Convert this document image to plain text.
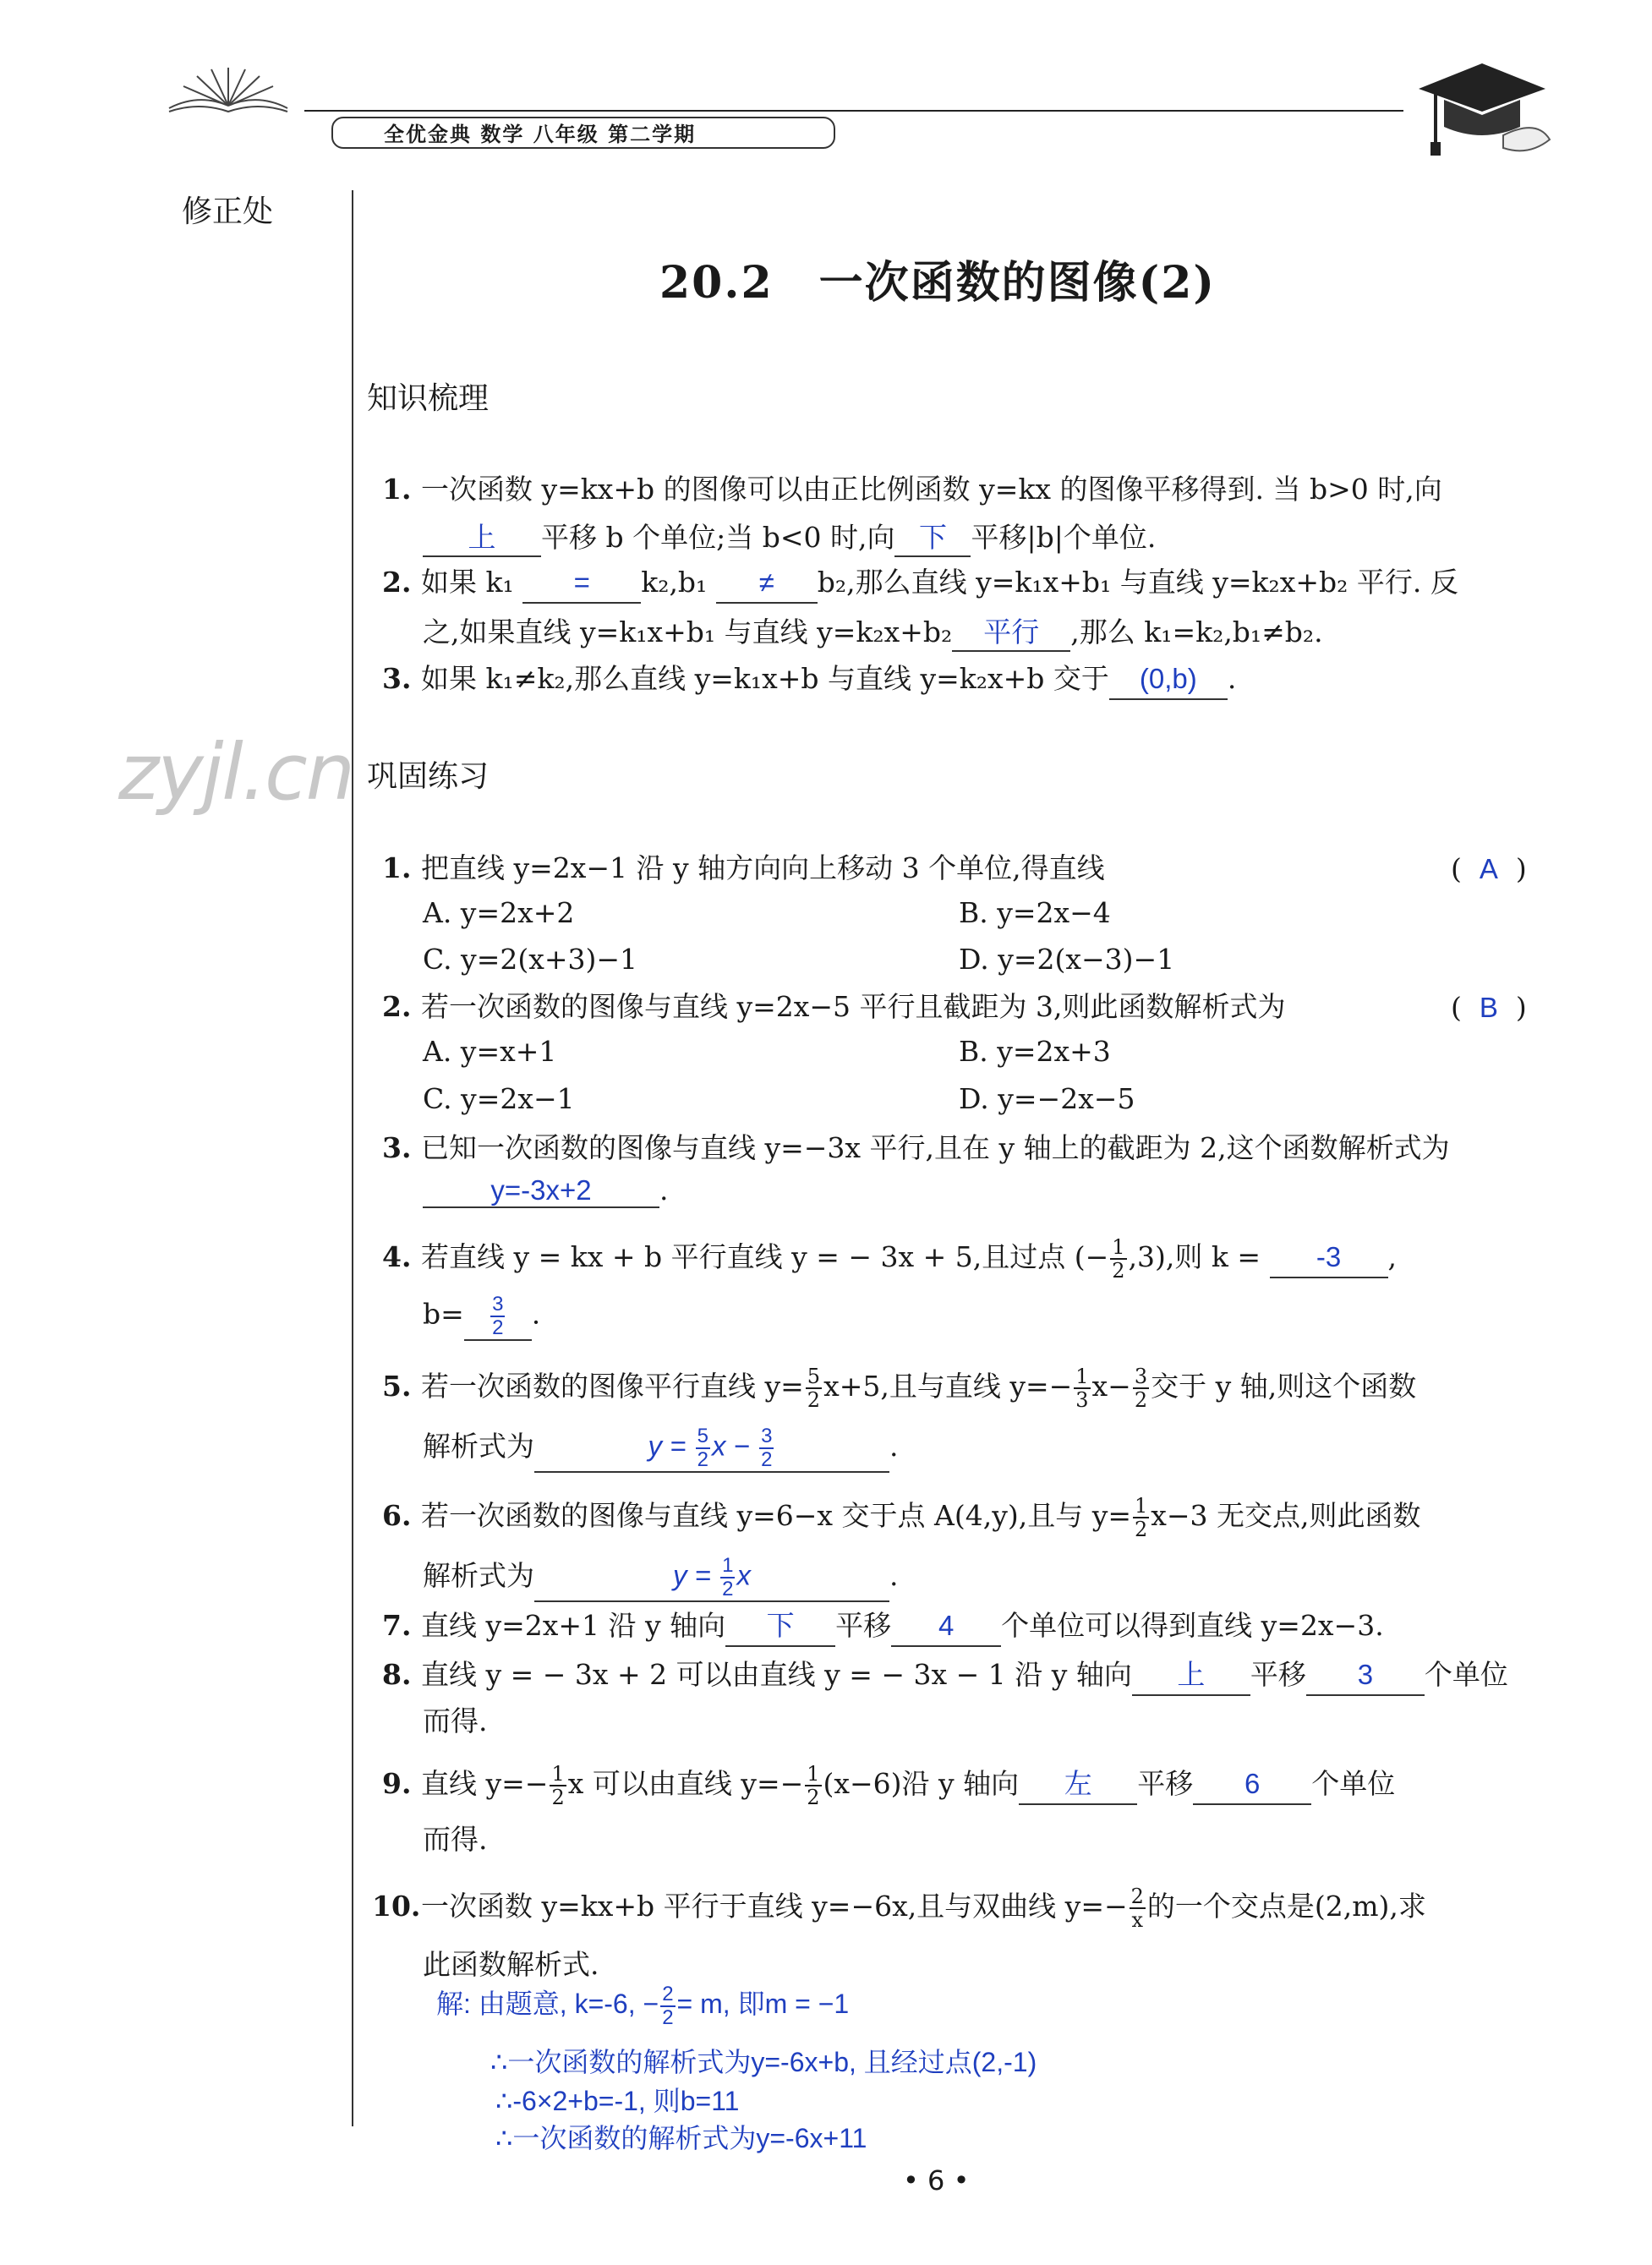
全优金典 数学 八年级 第二学期
修正处
20.2　一次函数的图像(2)
zyjl.cn
知识梳理
1. 一次函数 y=kx+b 的图像可以由正比例函数 y=kx 的图像平移得到. 当 b>0 时,向
上 平移 b 个单位;当 b<0 时,向 下 平移|b|个单位.
2. 如果 k₁ = k₂,b₁ ≠ b₂,那么直线 y=k₁x+b₁ 与直线 y=k₂x+b₂ 平行. 反
之,如果直线 y=k₁x+b₁ 与直线 y=k₂x+b₂ 平行 ,那么 k₁=k₂,b₁≠b₂.
3. 如果 k₁≠k₂,那么直线 y=k₁x+b 与直线 y=k₂x+b 交于 (0,b) .
巩固练习
1. 把直线 y=2x−1 沿 y 轴方向向上移动 3 个单位,得直线	(  A  )
A. y=2x+2	B. y=2x−4
C. y=2(x+3)−1	D. y=2(x−3)−1
2. 若一次函数的图像与直线 y=2x−5 平行且截距为 3,则此函数解析式为	(  B  )
A. y=x+1	B. y=2x+3
C. y=2x−1	D. y=−2x−5
3. 已知一次函数的图像与直线 y=−3x 平行,且在 y 轴上的截距为 2,这个函数解析式为
y=-3x+2 .
4. 若直线 y = kx + b 平行直线 y = − 3x + 5,且过点 (− $\frac{1}{2} ,3$),则 k = -3 ,
$b= \frac{3}{2}$ .
5. 若一次函数的图像平行直线 $y= \frac{5}{2} x+5$,且与直线 $y=- \frac{1}{3} x- \frac{3}{2}$ 交于 y 轴,则这个函数
解析式为	$y = \frac{5}{2}$ $x - \frac{3}{2}$	.
6. 若一次函数的图像与直线 y=6−x 交于点 A(4,y),且与 $y= \frac{1}{2} x-3$ 无交点,则此函数
解析式为	$y = \frac{1}{2}$ x	.
7. 直线 y=2x+1 沿 y 轴向 下 平移 4 个单位可以得到直线 y=2x−3.
8. 直线 y = − 3x + 2 可以由直线 y = − 3x − 1 沿 y 轴向 上 平移 3 个单位
而得.
9. 直线 $y=- \frac{1}{2}$ x 可以由直线 $y=- \frac{1}{2} (x-6)$沿 y 轴向 左 平移 6 个单位
而得.
10.一次函数 y=kx+b 平行于直线 y=−6x,且与双曲线 $y=- \frac{2}{x}$ 的一个交点是(2,m),求
此函数解析式.
解: 由题意, k=-6, − $\frac{2}{2} = m$, 即m = −1
∴一次函数的解析式为y=-6x+b, 且经过点(2,-1)
∴-6×2+b=-1, 则b=11
∴一次函数的解析式为y=-6x+11
• 6 •
